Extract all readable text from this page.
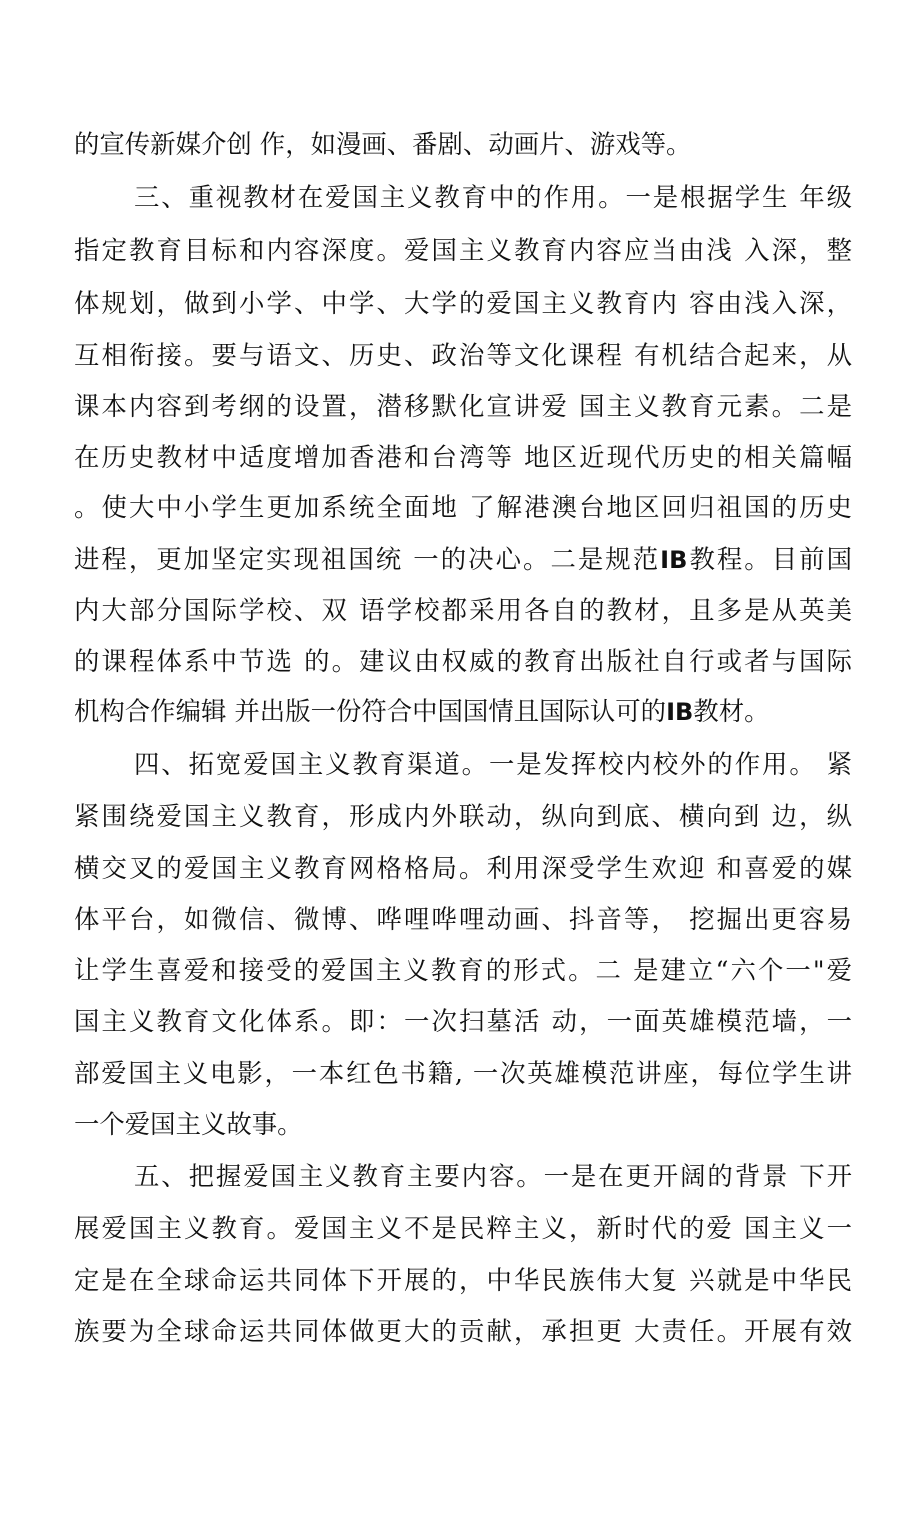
的宣传新媒介创 作，如漫画、番剧、动画片、游戏等。
三、重视教材在爱国主义教育中的作用。一是根据学生 年级
指定教育目标和内容深度。爱国主义教育内容应当由浅 入深，整
体规划，做到小学、中学、大学的爱国主义教育内 容由浅入深，
互相衔接。要与语文、历史、政治等文化课程 有机结合起来，从
课本内容到考纲的设置，潜移默化宣讲爱 国主义教育元素。二是
在历史教材中适度增加香港和台湾等 地区近现代历史的相关篇幅
。使大中小学生更加系统全面地 了解港澳台地区回归祖国的历史
进程，更加坚定实现祖国统 一的决心。二是规范IB教程。目前国
内大部分国际学校、双 语学校都采用各自的教材，且多是从英美
的课程体系中节选 的。建议由权威的教育出版社自行或者与国际
机构合作编辑 并出版一份符合中国国情且国际认可的IB教材。
四、拓宽爱国主义教育渠道。一是发挥校内校外的作用。 紧
紧围绕爱国主义教育，形成内外联动，纵向到底、横向到 边，纵
横交叉的爱国主义教育网格格局。利用深受学生欢迎 和喜爱的媒
体平台，如微信、微博、哗哩哗哩动画、抖音等， 挖掘出更容易
让学生喜爱和接受的爱国主义教育的形式。二 是建立“六个一"爱
国主义教育文化体系。即：一次扫墓活 动，一面英雄模范墙，一
部爱国主义电影，一本红色书籍, 一次英雄模范讲座，每位学生讲
一个爱国主义故事。
五、把握爱国主义教育主要内容。一是在更开阔的背景 下开
展爱国主义教育。爱国主义不是民粹主义，新时代的爱 国主义一
定是在全球命运共同体下开展的，中华民族伟大复 兴就是中华民
族要为全球命运共同体做更大的贡献，承担更 大责任。开展有效
